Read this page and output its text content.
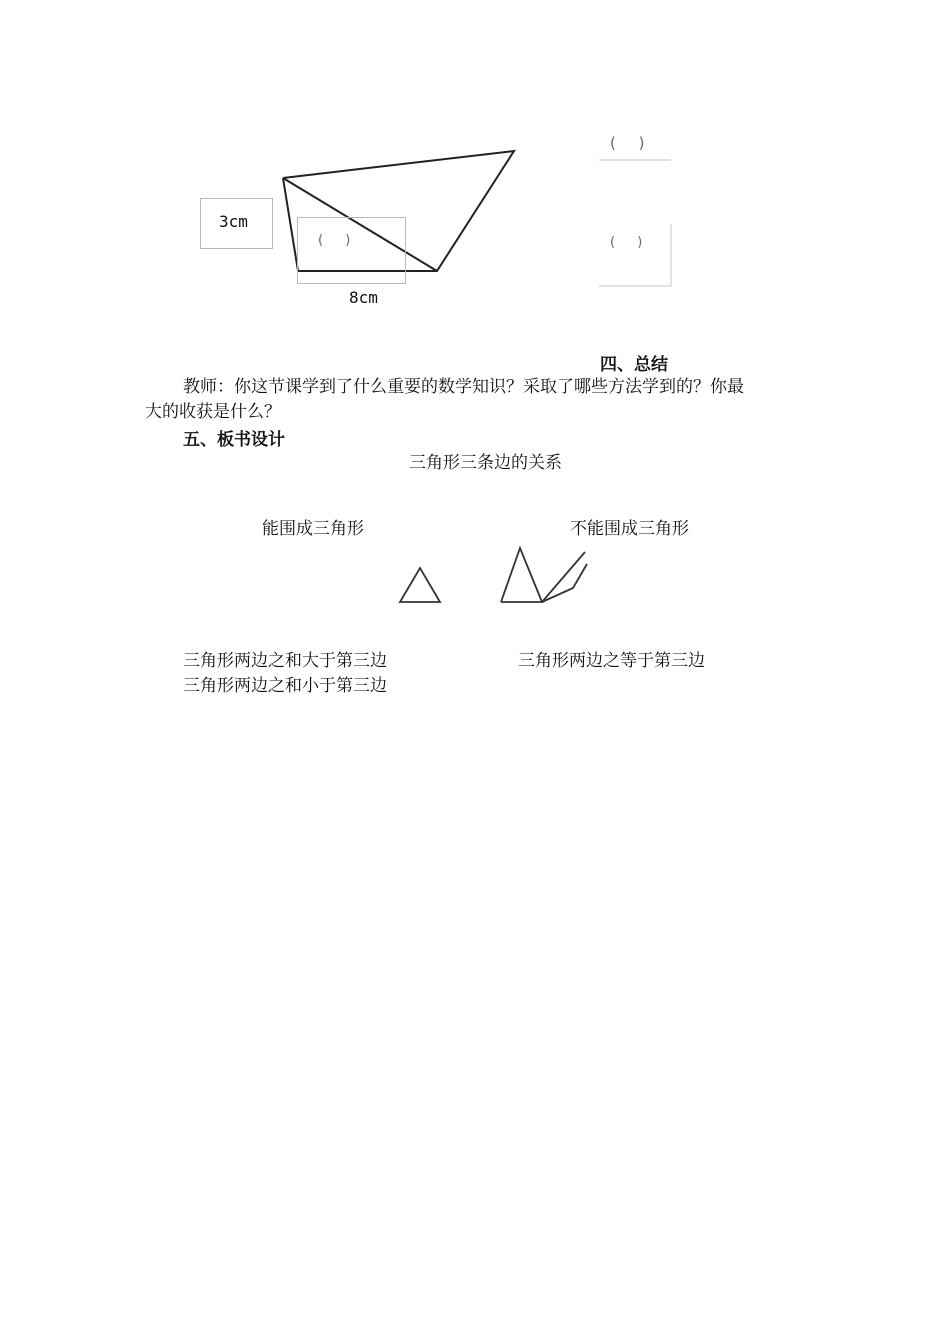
3cm
( )
8cm
( )
( )
四、总结
教师：你这节课学到了什么重要的数学知识？采取了哪些方法学到的？你最
大的收获是什么？
五、板书设计
三角形三条边的关系
能围成三角形	不能围成三角形
三角形两边之和大于第三边	三角形两边之等于第三边
三角形两边之和小于第三边
